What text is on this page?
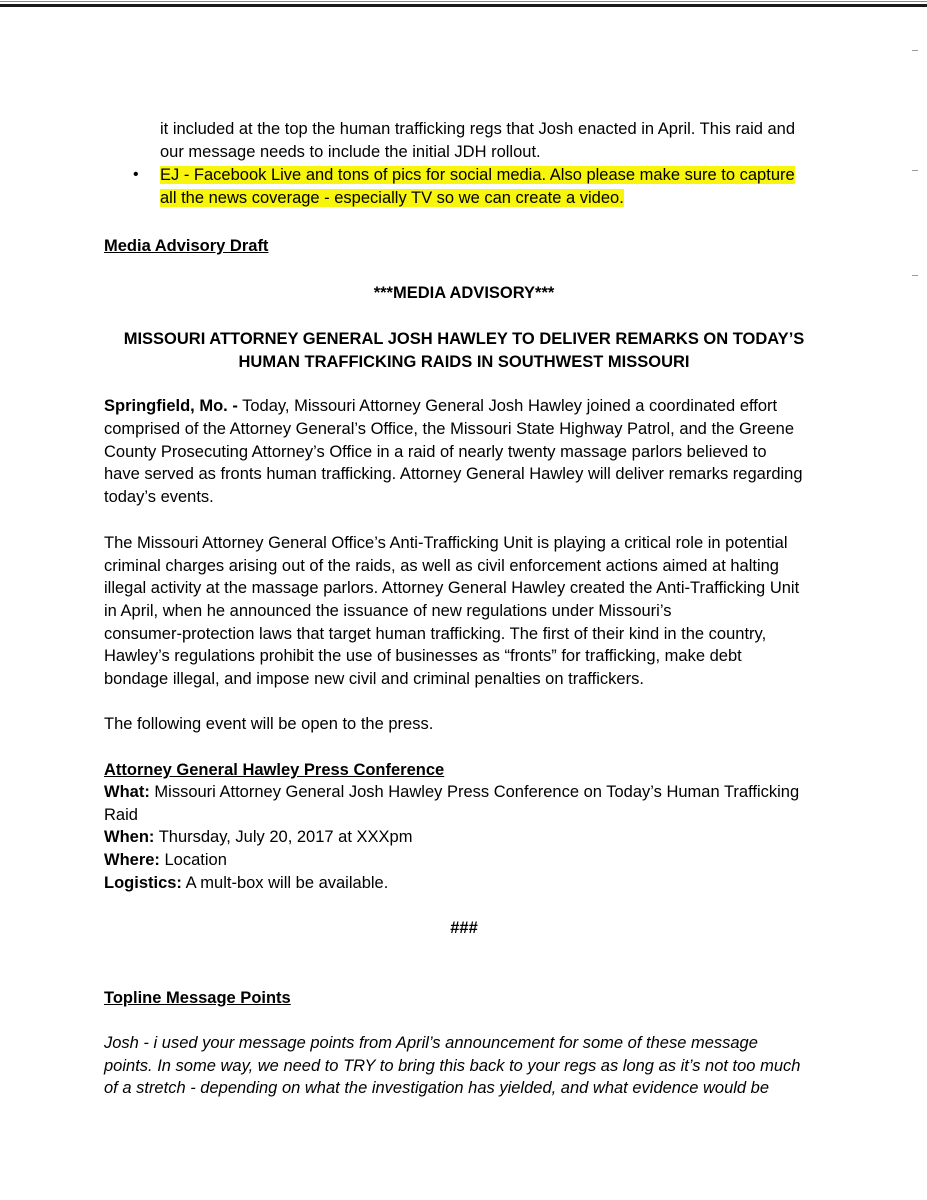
it included at the top the human trafficking regs that Josh enacted in April. This raid and

our message needs to include the initial JDH rollout.

• EJ - Facebook Live and tons of pics for social media. Also please make sure to capture

all the news coverage - especially TV so we can create a video.

Media Advisory Draft

***MEDIA ADVISORY***

MISSOURI ATTORNEY GENERAL JOSH HAWLEY TO DELIVER REMARKS ON TODAY’S

HUMAN TRAFFICKING RAIDS IN SOUTHWEST MISSOURI

Springfield, Mo. - Today, Missouri Attorney General Josh Hawley joined a coordinated effort

comprised of the Attorney General’s Office, the Missouri State Highway Patrol, and the Greene

County Prosecuting Attorney’s Office in a raid of nearly twenty massage parlors believed to

have served as fronts human trafficking. Attorney General Hawley will deliver remarks regarding

today’s events.

The Missouri Attorney General Office’s Anti-Trafficking Unit is playing a critical role in potential

criminal charges arising out of the raids, as well as civil enforcement actions aimed at halting

illegal activity at the massage parlors. Attorney General Hawley created the Anti-Trafficking Unit

in April, when he announced the issuance of new regulations under Missouri’s

consumer-protection laws that target human trafficking. The first of their kind in the country,

Hawley’s regulations prohibit the use of businesses as “fronts” for trafficking, make debt

bondage illegal, and impose new civil and criminal penalties on traffickers.

The following event will be open to the press.

Attorney General Hawley Press Conference

What: Missouri Attorney General Josh Hawley Press Conference on Today’s Human Trafficking

Raid

When: Thursday, July 20, 2017 at XXXpm

Where: Location

Logistics: A mult-box will be available.

###

Topline Message Points

Josh - i used your message points from April’s announcement for some of these message

points. In some way, we need to TRY to bring this back to your regs as long as it’s not too much

of a stretch - depending on what the investigation has yielded, and what evidence would be
